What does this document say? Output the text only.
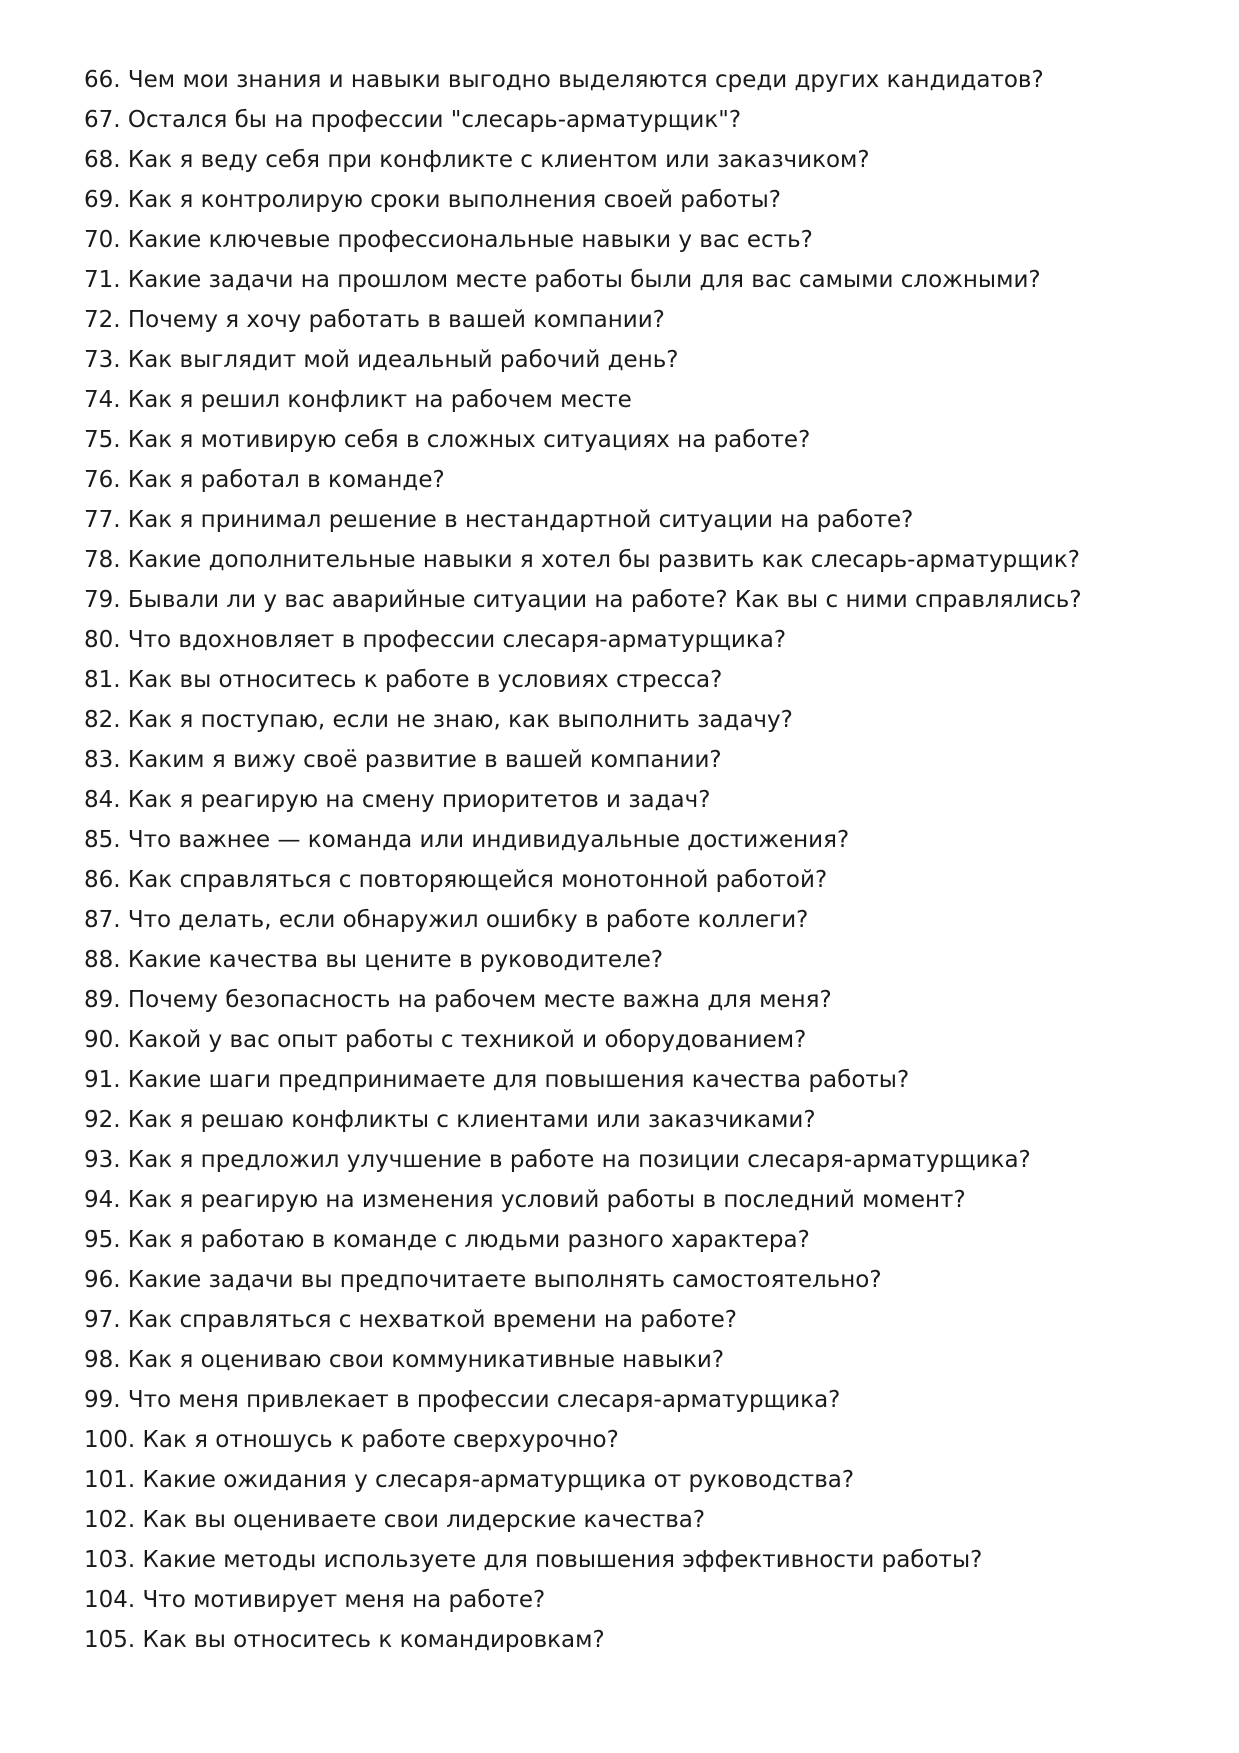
66. Чем мои знания и навыки выгодно выделяются среди других кандидатов?
67. Остался бы на профессии "слесарь-арматурщик"?
68. Как я веду себя при конфликте с клиентом или заказчиком?
69. Как я контролирую сроки выполнения своей работы?
70. Какие ключевые профессиональные навыки у вас есть?
71. Какие задачи на прошлом месте работы были для вас самыми сложными?
72. Почему я хочу работать в вашей компании?
73. Как выглядит мой идеальный рабочий день?
74. Как я решил конфликт на рабочем месте
75. Как я мотивирую себя в сложных ситуациях на работе?
76. Как я работал в команде?
77. Как я принимал решение в нестандартной ситуации на работе?
78. Какие дополнительные навыки я хотел бы развить как слесарь-арматурщик?
79. Бывали ли у вас аварийные ситуации на работе? Как вы с ними справлялись?
80. Что вдохновляет в профессии слесаря-арматурщика?
81. Как вы относитесь к работе в условиях стресса?
82. Как я поступаю, если не знаю, как выполнить задачу?
83. Каким я вижу своё развитие в вашей компании?
84. Как я реагирую на смену приоритетов и задач?
85. Что важнее — команда или индивидуальные достижения?
86. Как справляться с повторяющейся монотонной работой?
87. Что делать, если обнаружил ошибку в работе коллеги?
88. Какие качества вы цените в руководителе?
89. Почему безопасность на рабочем месте важна для меня?
90. Какой у вас опыт работы с техникой и оборудованием?
91. Какие шаги предпринимаете для повышения качества работы?
92. Как я решаю конфликты с клиентами или заказчиками?
93. Как я предложил улучшение в работе на позиции слесаря-арматурщика?
94. Как я реагирую на изменения условий работы в последний момент?
95. Как я работаю в команде с людьми разного характера?
96. Какие задачи вы предпочитаете выполнять самостоятельно?
97. Как справляться с нехваткой времени на работе?
98. Как я оцениваю свои коммуникативные навыки?
99. Что меня привлекает в профессии слесаря-арматурщика?
100. Как я отношусь к работе сверхурочно?
101. Какие ожидания у слесаря-арматурщика от руководства?
102. Как вы оцениваете свои лидерские качества?
103. Какие методы используете для повышения эффективности работы?
104. Что мотивирует меня на работе?
105. Как вы относитесь к командировкам?
